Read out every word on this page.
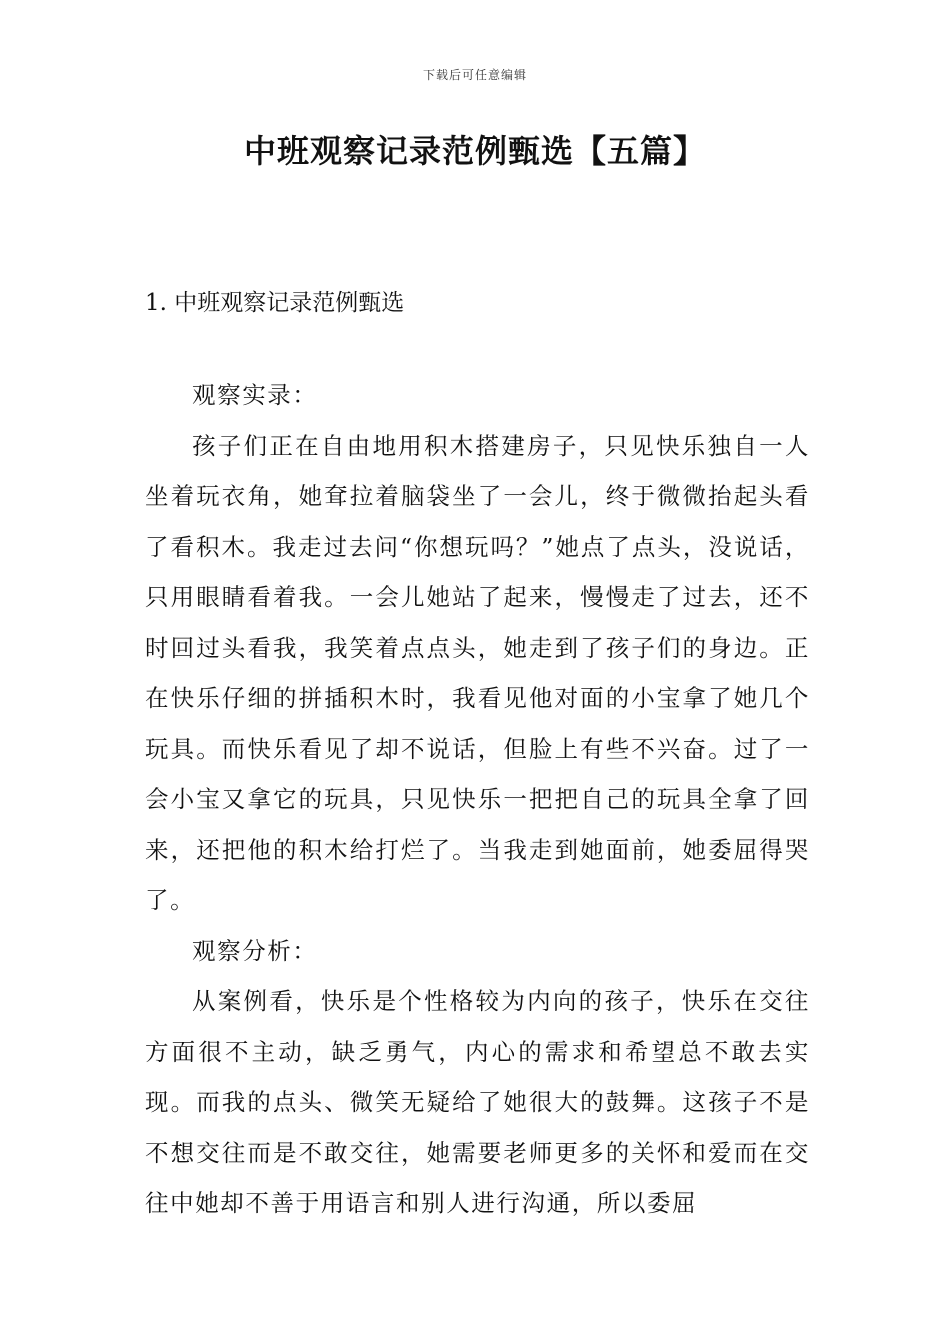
下载后可任意编辑
中班观察记录范例甄选【五篇】
1. 中班观察记录范例甄选

观察实录：

孩子们正在自由地用积木搭建房子，只见快乐独自一人坐着玩衣角，她耷拉着脑袋坐了一会儿，终于微微抬起头看了看积木。我走过去问“你想玩吗？”她点了点头，没说话，只用眼睛看着我。一会儿她站了起来，慢慢走了过去，还不时回过头看我，我笑着点点头，她走到了孩子们的身边。正在快乐仔细的拼插积木时，我看见他对面的小宝拿了她几个玩具。而快乐看见了却不说话，但脸上有些不兴奋。过了一会小宝又拿它的玩具，只见快乐一把把自己的玩具全拿了回来，还把他的积木给打烂了。当我走到她面前，她委屈得哭了。

观察分析：

从案例看，快乐是个性格较为内向的孩子，快乐在交往方面很不主动，缺乏勇气，内心的需求和希望总不敢去实现。而我的点头、微笑无疑给了她很大的鼓舞。这孩子不是不想交往而是不敢交往，她需要老师更多的关怀和爱而在交往中她却不善于用语言和别人进行沟通，所以委屈
